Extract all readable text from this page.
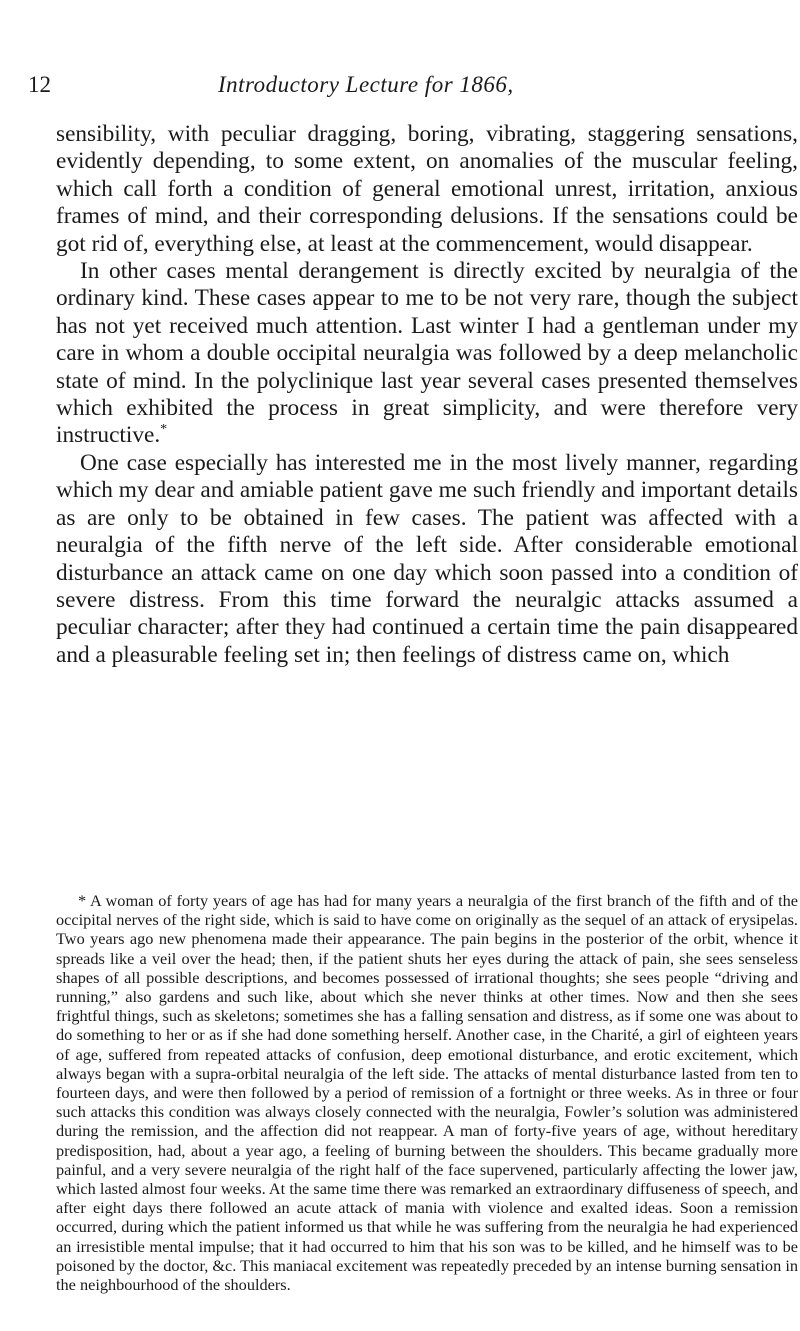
12	Introductory Lecture for 1866,

sensibility, with peculiar dragging, boring, vibrating, staggering sensations, evidently depending, to some extent, on anomalies of the muscular feeling, which call forth a condition of general emotional unrest, irritation, anxious frames of mind, and their corresponding delusions. If the sensations could be got rid of, everything else, at least at the commencement, would disappear.

In other cases mental derangement is directly excited by neuralgia of the ordinary kind. These cases appear to me to be not very rare, though the subject has not yet received much attention. Last winter I had a gentleman under my care in whom a double occipital neuralgia was followed by a deep melancholic state of mind. In the polyclinique last year several cases presented themselves which exhibited the process in great simplicity, and were therefore very instructive.*

One case especially has interested me in the most lively manner, regarding which my dear and amiable patient gave me such friendly and important details as are only to be obtained in few cases. The patient was affected with a neuralgia of the fifth nerve of the left side. After considerable emotional disturbance an attack came on one day which soon passed into a condition of severe distress. From this time forward the neuralgic attacks assumed a peculiar character; after they had continued a certain time the pain disappeared and a pleasurable feeling set in; then feelings of distress came on, which

* A woman of forty years of age has had for many years a neuralgia of the first branch of the fifth and of the occipital nerves of the right side, which is said to have come on originally as the sequel of an attack of erysipelas. Two years ago new phenomena made their appearance. The pain begins in the posterior of the orbit, whence it spreads like a veil over the head; then, if the patient shuts her eyes during the attack of pain, she sees senseless shapes of all possible descriptions, and becomes possessed of irrational thoughts; she sees people “driving and running,” also gardens and such like, about which she never thinks at other times. Now and then she sees frightful things, such as skeletons; sometimes she has a falling sensation and distress, as if some one was about to do something to her or as if she had done something herself. Another case, in the Charité, a girl of eighteen years of age, suffered from repeated attacks of confusion, deep emotional disturbance, and erotic excitement, which always began with a supra-orbital neuralgia of the left side. The attacks of mental disturbance lasted from ten to fourteen days, and were then followed by a period of remission of a fortnight or three weeks. As in three or four such attacks this condition was always closely connected with the neuralgia, Fowler’s solution was administered during the remission, and the affection did not reappear. A man of forty-five years of age, without hereditary predisposition, had, about a year ago, a feeling of burning between the shoulders. This became gradually more painful, and a very severe neuralgia of the right half of the face supervened, particularly affecting the lower jaw, which lasted almost four weeks. At the same time there was remarked an extraordinary diffuseness of speech, and after eight days there followed an acute attack of mania with violence and exalted ideas. Soon a remission occurred, during which the patient informed us that while he was suffering from the neuralgia he had experienced an irresistible mental impulse; that it had occurred to him that his son was to be killed, and he himself was to be poisoned by the doctor, &c. This maniacal excitement was repeatedly preceded by an intense burning sensation in the neighbourhood of the shoulders.
